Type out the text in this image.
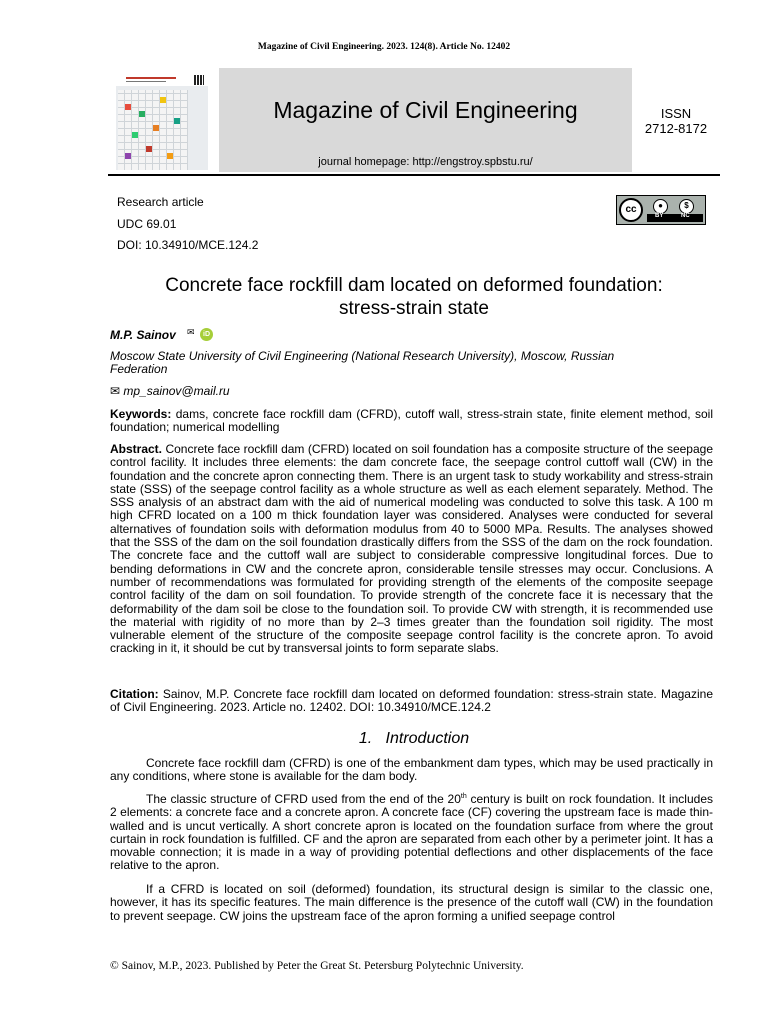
Magazine of Civil Engineering. 2023. 124(8). Article No. 12402
Magazine of Civil Engineering
journal homepage: http://engstroy.spbstu.ru/
ISSN
2712-8172
Research article
UDC 69.01
DOI: 10.34910/MCE.124.2
cc	●	$
BY	NC
Concrete face rockfill dam located on deformed foundation:
stress-strain state
M.P. Sainov ✉	iD
Moscow State University of Civil Engineering (National Research University), Moscow, Russian Federation
✉ mp_sainov@mail.ru
Keywords: dams, concrete face rockfill dam (CFRD), cutoff wall, stress-strain state, finite element method, soil foundation; numerical modelling
Abstract. Concrete face rockfill dam (CFRD) located on soil foundation has a composite structure of the seepage control facility. It includes three elements: the dam concrete face, the seepage control cuttoff wall (CW) in the foundation and the concrete apron connecting them. There is an urgent task to study workability and stress-strain state (SSS) of the seepage control facility as a whole structure as well as each element separately. Method. The SSS analysis of an abstract dam with the aid of numerical modeling was conducted to solve this task. A 100 m high CFRD located on a 100 m thick foundation layer was considered. Analyses were conducted for several alternatives of foundation soils with deformation modulus from 40 to 5000 MPa. Results. The analyses showed that the SSS of the dam on the soil foundation drastically differs from the SSS of the dam on the rock foundation. The concrete face and the cuttoff wall are subject to considerable compressive longitudinal forces. Due to bending deformations in CW and the concrete apron, considerable tensile stresses may occur. Conclusions. A number of recommendations was formulated for providing strength of the elements of the composite seepage control facility of the dam on soil foundation. To provide strength of the concrete face it is necessary that the deformability of the dam soil be close to the foundation soil. To provide CW with strength, it is recommended use the material with rigidity of no more than by 2–3 times greater than the foundation soil rigidity. The most vulnerable element of the structure of the composite seepage control facility is the concrete apron. To avoid cracking in it, it should be cut by transversal joints to form separate slabs.
Citation: Sainov, M.P. Concrete face rockfill dam located on deformed foundation: stress-strain state. Magazine of Civil Engineering. 2023. Article no. 12402. DOI: 10.34910/MCE.124.2
1. Introduction
Concrete face rockfill dam (CFRD) is one of the embankment dam types, which may be used practically in any conditions, where stone is available for the dam body.
The classic structure of CFRD used from the end of the 20th century is built on rock foundation. It includes 2 elements: a concrete face and a concrete apron. A concrete face (CF) covering the upstream face is made thin-walled and is uncut vertically. A short concrete apron is located on the foundation surface from where the grout curtain in rock foundation is fulfilled. CF and the apron are separated from each other by a perimeter joint. It has a movable connection; it is made in a way of providing potential deflections and other displacements of the face relative to the apron.
If a CFRD is located on soil (deformed) foundation, its structural design is similar to the classic one, however, it has its specific features. The main difference is the presence of the cutoff wall (CW) in the foundation to prevent seepage. CW joins the upstream face of the apron forming a unified seepage control
© Sainov, M.P., 2023. Published by Peter the Great St. Petersburg Polytechnic University.
